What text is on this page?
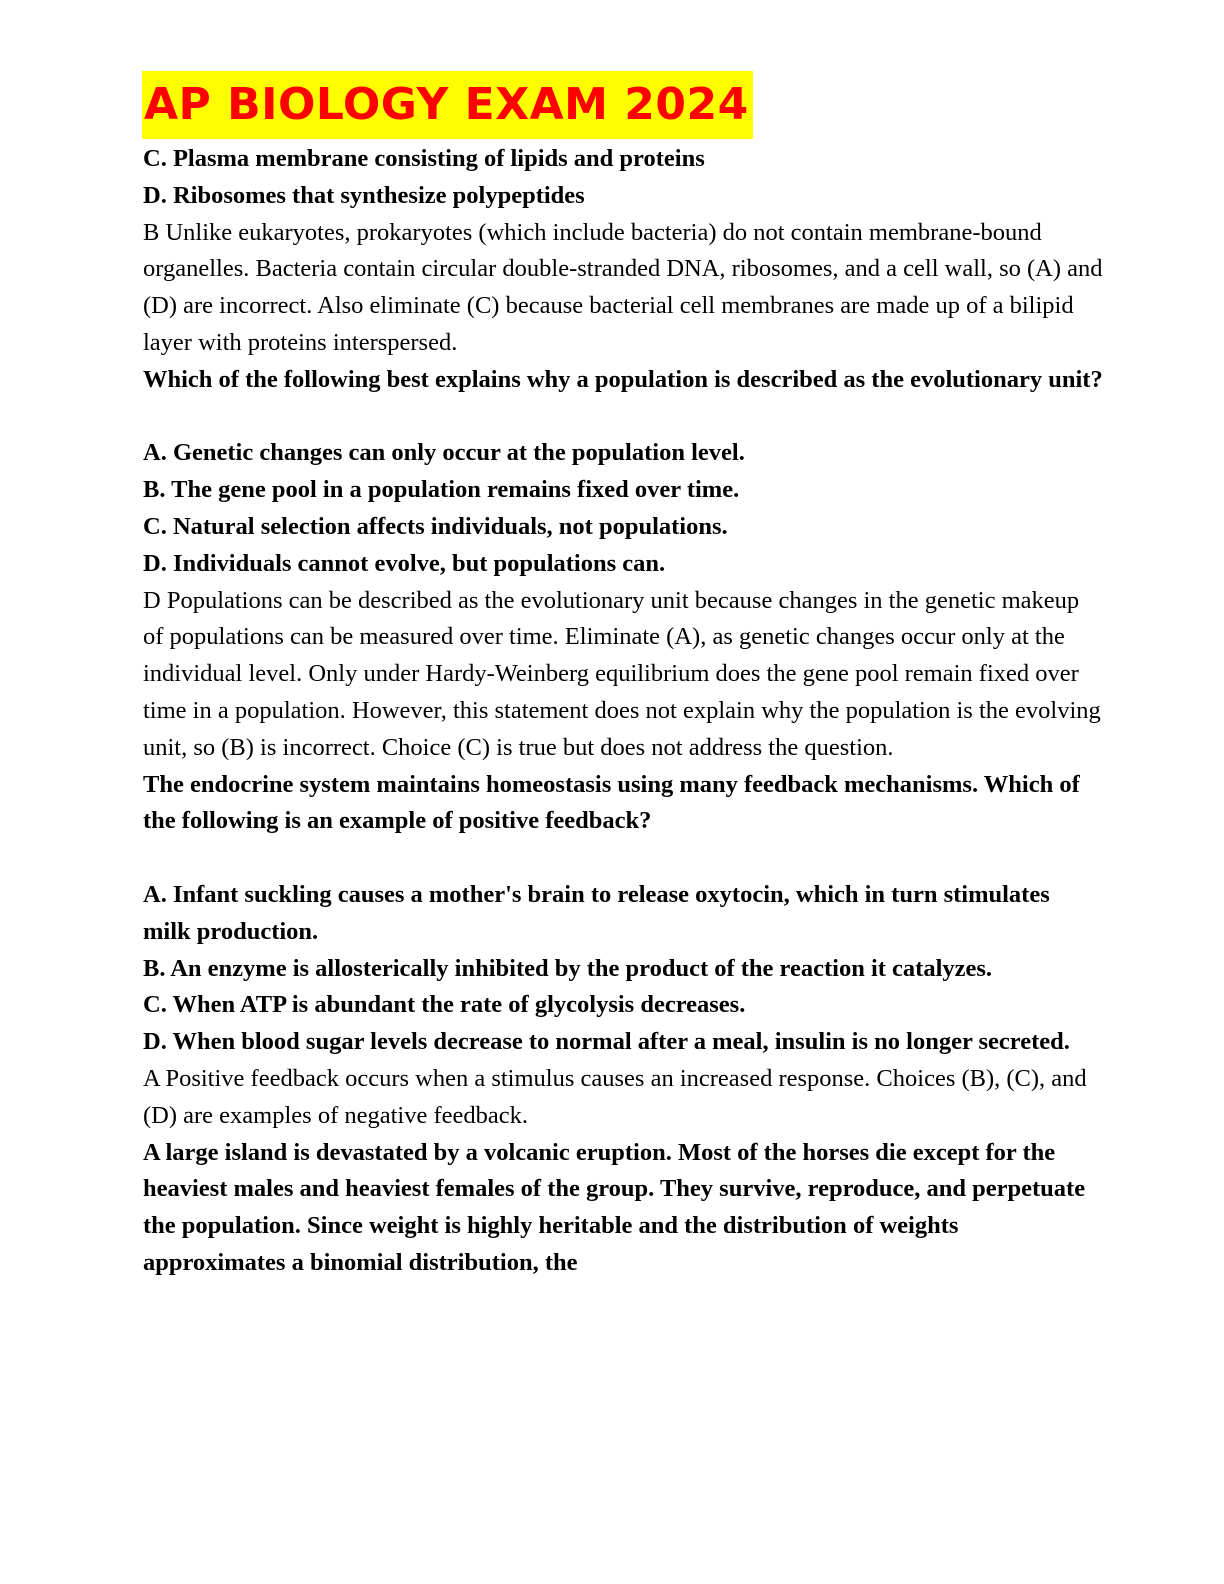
AP BIOLOGY EXAM 2024

C. Plasma membrane consisting of lipids and proteins

D. Ribosomes that synthesize polypeptides

B Unlike eukaryotes, prokaryotes (which include bacteria) do not contain membrane-bound organelles. Bacteria contain circular double-stranded DNA, ribosomes, and a cell wall, so (A) and (D) are incorrect. Also eliminate (C) because bacterial cell membranes are made up of a bilipid layer with proteins interspersed.

Which of the following best explains why a population is described as the evolutionary unit?

A. Genetic changes can only occur at the population level.

B. The gene pool in a population remains fixed over time.

C. Natural selection affects individuals, not populations.

D. Individuals cannot evolve, but populations can.

D Populations can be described as the evolutionary unit because changes in the genetic makeup of populations can be measured over time. Eliminate (A), as genetic changes occur only at the individual level. Only under Hardy-Weinberg equilibrium does the gene pool remain fixed over time in a population. However, this statement does not explain why the population is the evolving unit, so (B) is incorrect. Choice (C) is true but does not address the question.

The endocrine system maintains homeostasis using many feedback mechanisms. Which of the following is an example of positive feedback?

A. Infant suckling causes a mother's brain to release oxytocin, which in turn stimulates milk production.

B. An enzyme is allosterically inhibited by the product of the reaction it catalyzes.

C. When ATP is abundant the rate of glycolysis decreases.

D. When blood sugar levels decrease to normal after a meal, insulin is no longer secreted.

A Positive feedback occurs when a stimulus causes an increased response. Choices (B), (C), and (D) are examples of negative feedback.

A large island is devastated by a volcanic eruption. Most of the horses die except for the heaviest males and heaviest females of the group. They survive, reproduce, and perpetuate the population. Since weight is highly heritable and the distribution of weights approximates a binomial distribution, the
